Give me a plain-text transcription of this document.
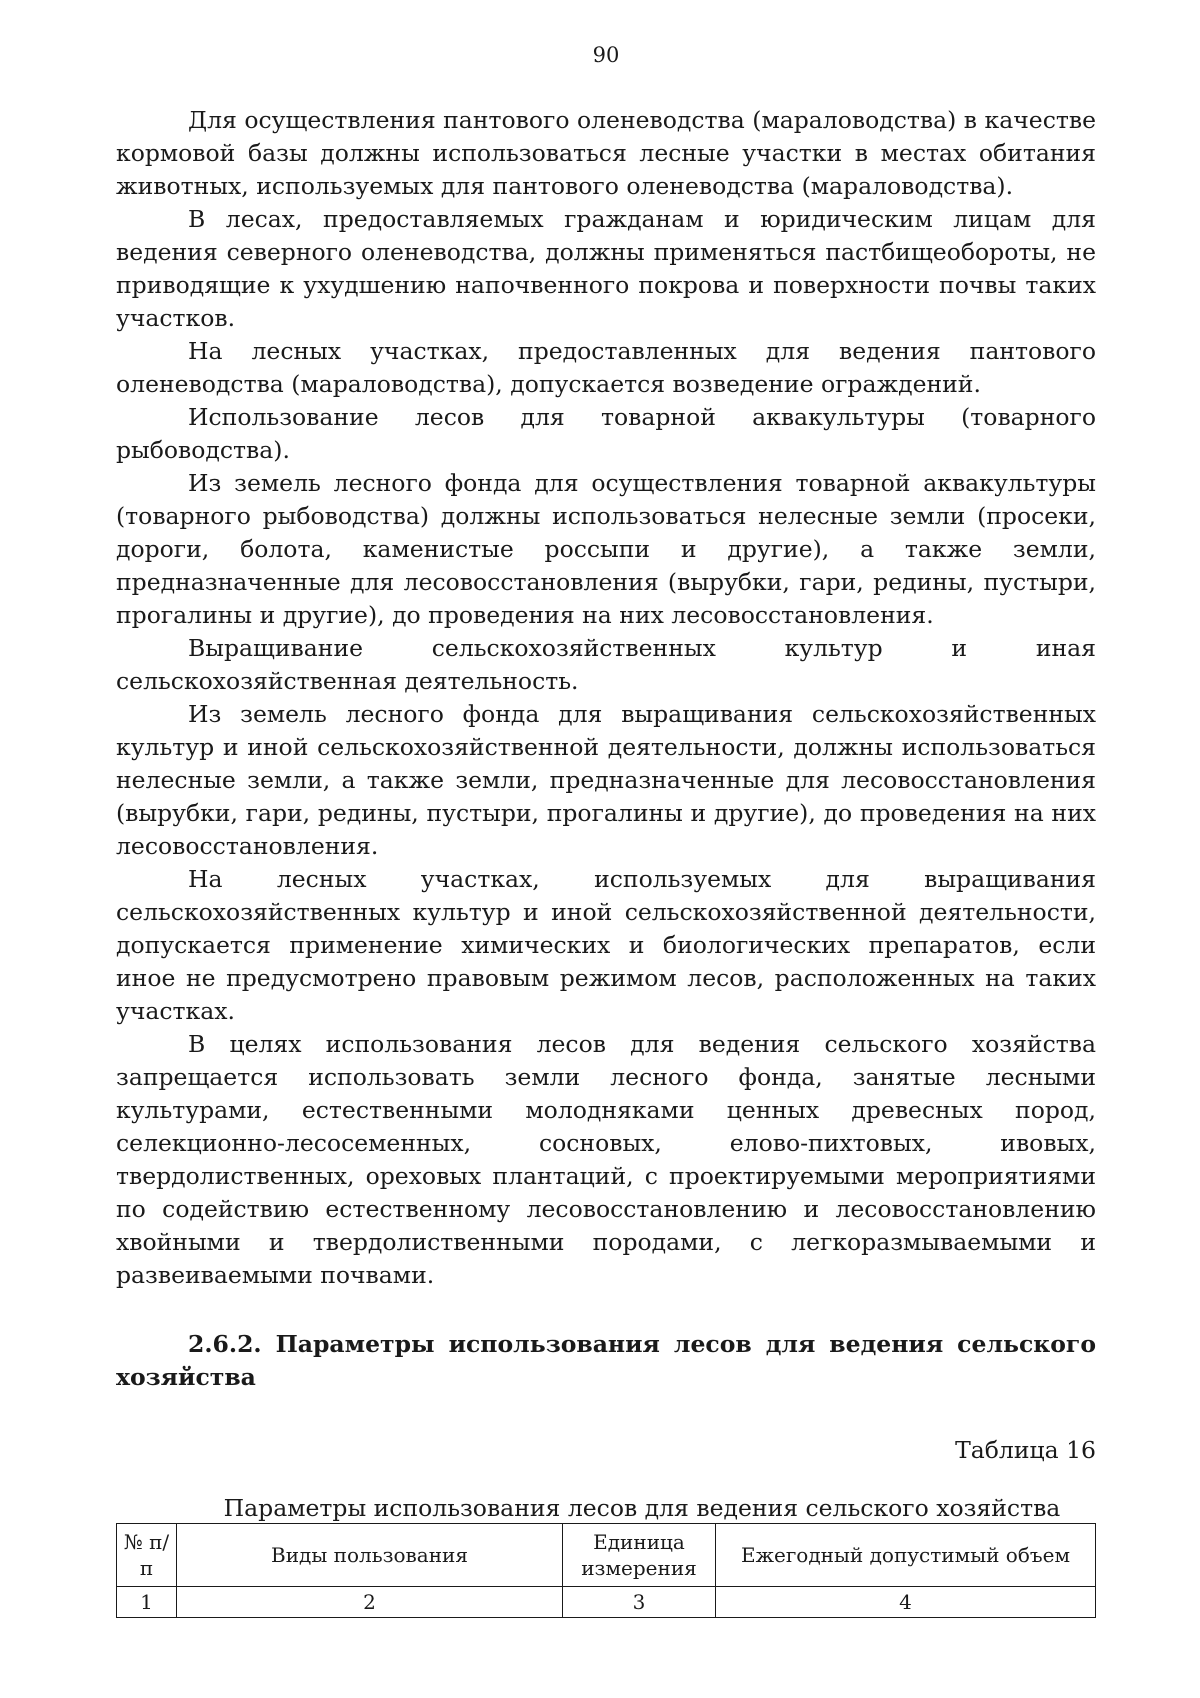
90

Для осуществления пантового оленеводства (мараловодства) в качестве кормовой базы должны использоваться лесные участки в местах обитания животных, используемых для пантового оленеводства (мараловодства).

В лесах, предоставляемых гражданам и юридическим лицам для ведения северного оленеводства, должны применяться пастбищеобороты, не приводящие к ухудшению напочвенного покрова и поверхности почвы таких участков.

На лесных участках, предоставленных для ведения пантового оленеводства (мараловодства), допускается возведение ограждений.

Использование лесов для товарной аквакультуры (товарного рыбоводства).

Из земель лесного фонда для осуществления товарной аквакультуры (товарного рыбоводства) должны использоваться нелесные земли (просеки, дороги, болота, каменистые россыпи и другие), а также земли, предназначенные для лесовосстановления (вырубки, гари, редины, пустыри, прогалины и другие), до проведения на них лесовосстановления.

Выращивание сельскохозяйственных культур и иная сельскохозяйственная деятельность.

Из земель лесного фонда для выращивания сельскохозяйственных культур и иной сельскохозяйственной деятельности, должны использоваться нелесные земли, а также земли, предназначенные для лесовосстановления (вырубки, гари, редины, пустыри, прогалины и другие), до проведения на них лесовосстановления.

На лесных участках, используемых для выращивания сельскохозяйственных культур и иной сельскохозяйственной деятельности, допускается применение химических и биологических препаратов, если иное не предусмотрено правовым режимом лесов, расположенных на таких участках.

В целях использования лесов для ведения сельского хозяйства запрещается использовать земли лесного фонда, занятые лесными культурами, естественными молодняками ценных древесных пород, селекционно-лесосеменных, сосновых, елово-пихтовых, ивовых, твердолиственных, ореховых плантаций, с проектируемыми мероприятиями по содействию естественному лесовосстановлению и лесовосстановлению хвойными и твердолиственными породами, с легкоразмываемыми и развеиваемыми почвами.

2.6.2. Параметры использования лесов для ведения сельского хозяйства

Таблица 16
Параметры использования лесов для ведения сельского хозяйства
№ п/п	Виды пользования	Единица измерения	Ежегодный допустимый объем
1	2	3	4
